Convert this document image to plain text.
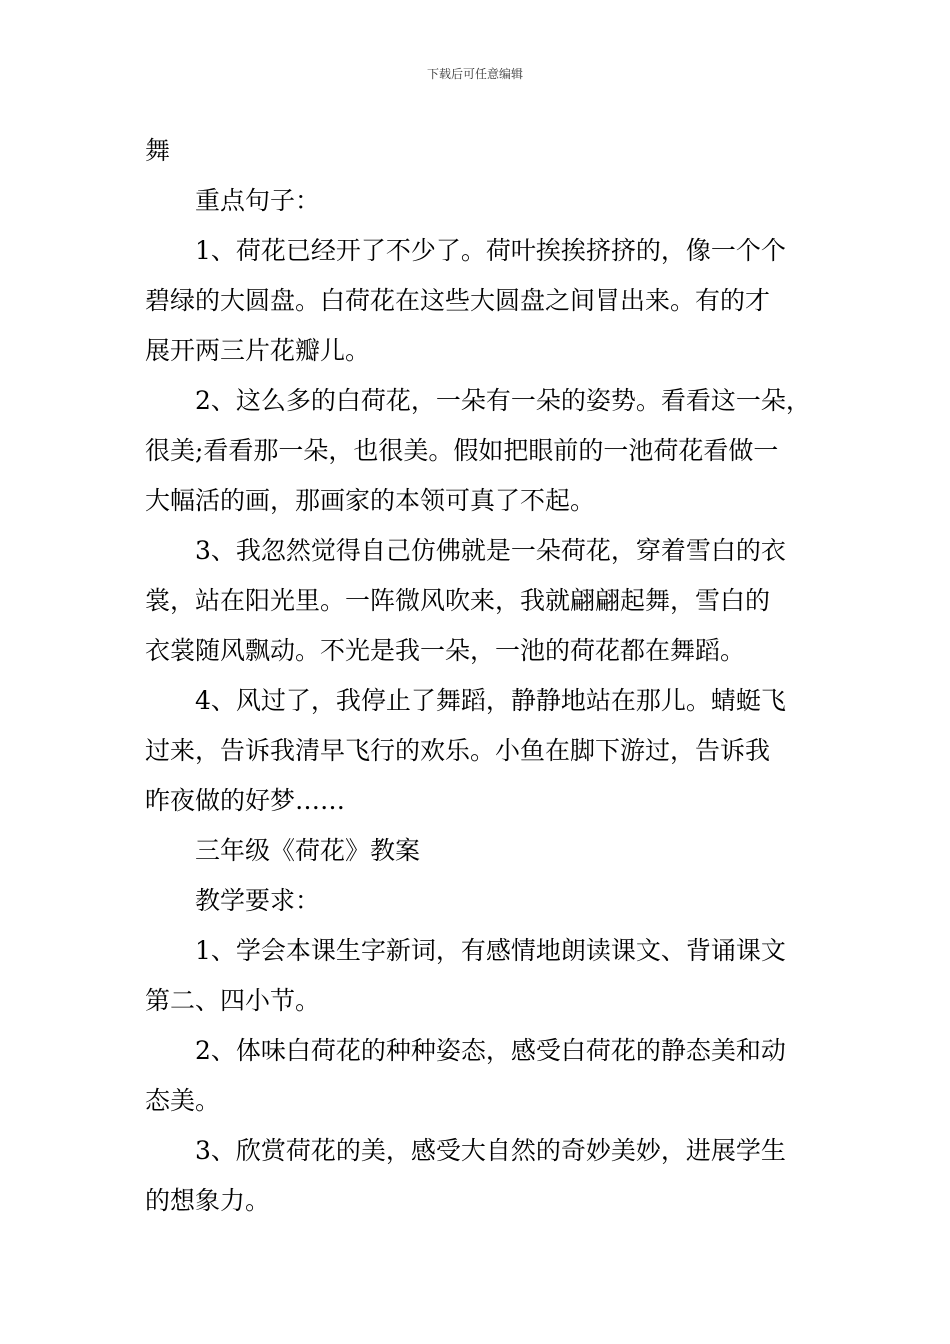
下载后可任意编辑

舞

重点句子：

1、荷花已经开了不少了。荷叶挨挨挤挤的，像一个个

碧绿的大圆盘。白荷花在这些大圆盘之间冒出来。有的才

展开两三片花瓣儿。

2、这么多的白荷花，一朵有一朵的姿势。看看这一朵，

很美;看看那一朵，也很美。假如把眼前的一池荷花看做一

大幅活的画，那画家的本领可真了不起。

3、我忽然觉得自己仿佛就是一朵荷花，穿着雪白的衣

裳，站在阳光里。一阵微风吹来，我就翩翩起舞，雪白的

衣裳随风飘动。不光是我一朵，一池的荷花都在舞蹈。

4、风过了，我停止了舞蹈，静静地站在那儿。蜻蜓飞

过来，告诉我清早飞行的欢乐。小鱼在脚下游过，告诉我

昨夜做的好梦……

三年级《荷花》教案

教学要求：

1、学会本课生字新词，有感情地朗读课文、背诵课文

第二、四小节。

2、体味白荷花的种种姿态，感受白荷花的静态美和动

态美。

3、欣赏荷花的美，感受大自然的奇妙美妙，进展学生

的想象力。
